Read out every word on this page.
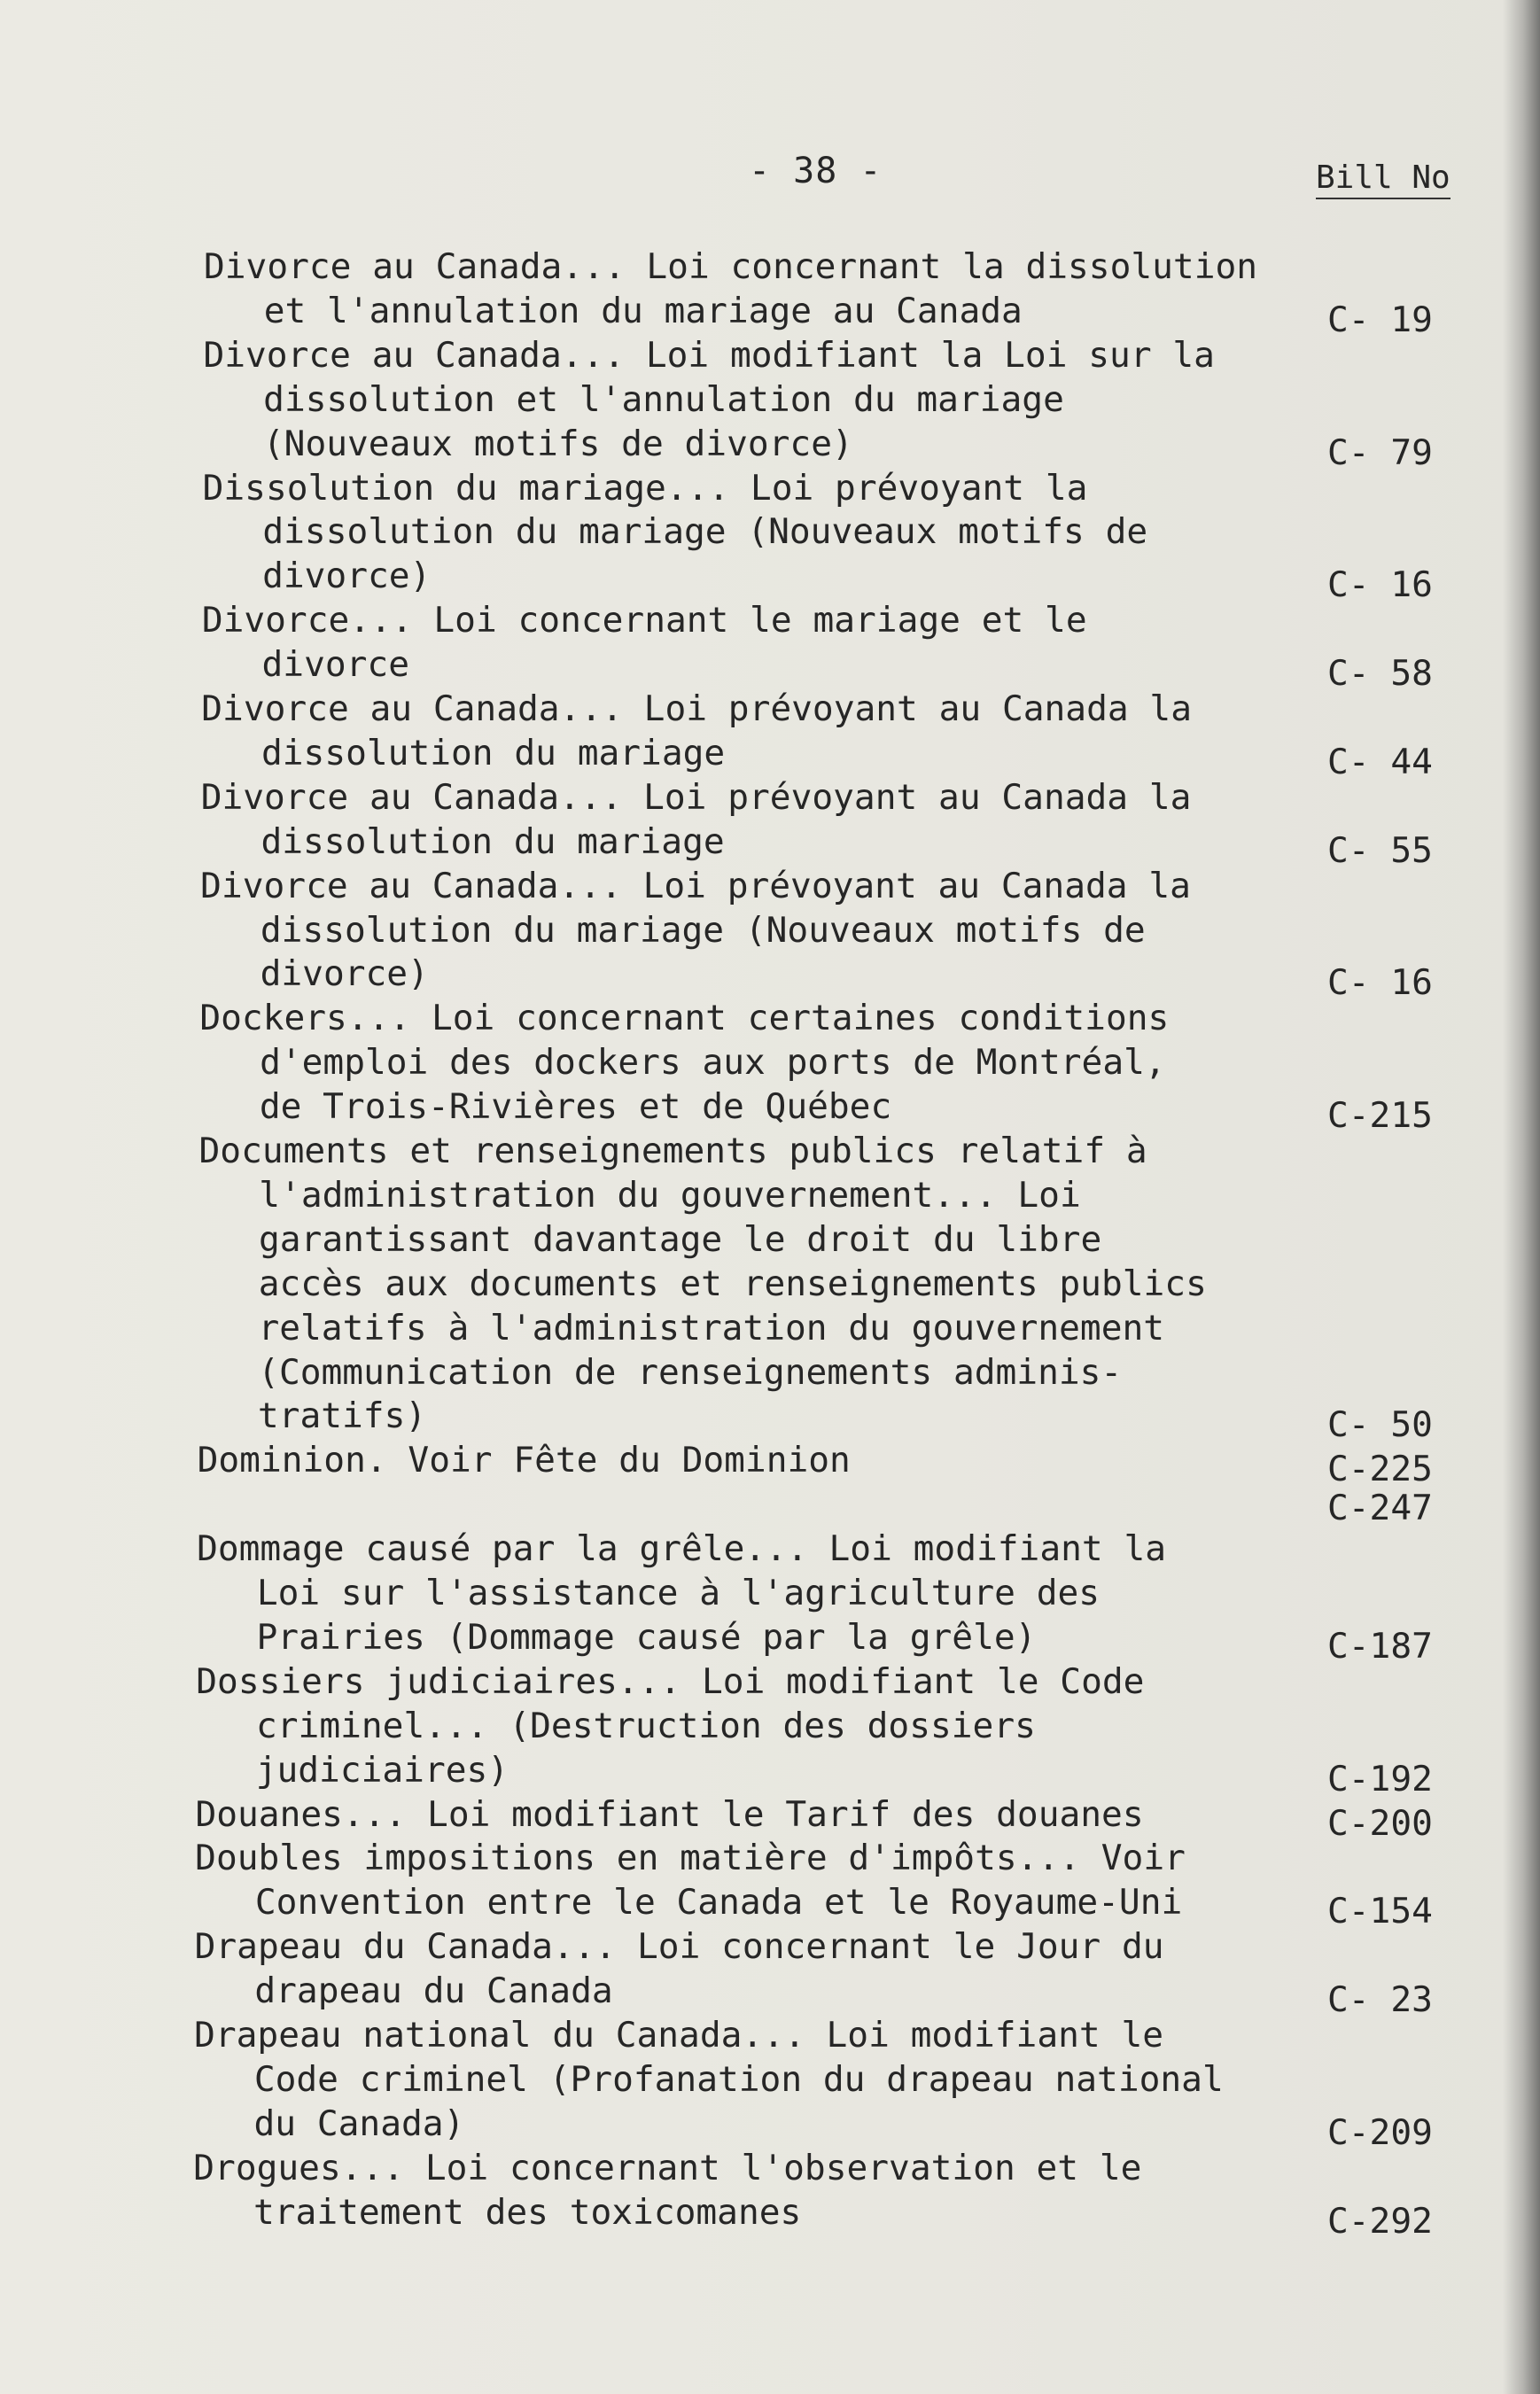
- 38 -	Bill No
Divorce au Canada... Loi concernant la dissolution
et l'annulation du mariage au Canada	C- 19
Divorce au Canada... Loi modifiant la Loi sur la
dissolution et l'annulation du mariage
(Nouveaux motifs de divorce)	C- 79
Dissolution du mariage... Loi prévoyant la
dissolution du mariage (Nouveaux motifs de
divorce)	C- 16
Divorce... Loi concernant le mariage et le
divorce	C- 58
Divorce au Canada... Loi prévoyant au Canada la
dissolution du mariage	C- 44
Divorce au Canada... Loi prévoyant au Canada la
dissolution du mariage	C- 55
Divorce au Canada... Loi prévoyant au Canada la
dissolution du mariage (Nouveaux motifs de
divorce)	C- 16
Dockers... Loi concernant certaines conditions
d'emploi des dockers aux ports de Montréal,
de Trois-Rivières et de Québec	C-215
Documents et renseignements publics relatif à
l'administration du gouvernement... Loi
garantissant davantage le droit du libre
accès aux documents et renseignements publics
relatifs à l'administration du gouvernement
(Communication de renseignements adminis-
tratifs)	C- 50
Dominion. Voir Fête du Dominion	C-225
C-247
Dommage causé par la grêle... Loi modifiant la
Loi sur l'assistance à l'agriculture des
Prairies (Dommage causé par la grêle)	C-187
Dossiers judiciaires... Loi modifiant le Code
criminel... (Destruction des dossiers
judiciaires)	C-192
Douanes... Loi modifiant le Tarif des douanes	C-200
Doubles impositions en matière d'impôts... Voir
Convention entre le Canada et le Royaume-Uni	C-154
Drapeau du Canada... Loi concernant le Jour du
drapeau du Canada	C- 23
Drapeau national du Canada... Loi modifiant le
Code criminel (Profanation du drapeau national
du Canada)	C-209
Drogues... Loi concernant l'observation et le
traitement des toxicomanes	C-292
